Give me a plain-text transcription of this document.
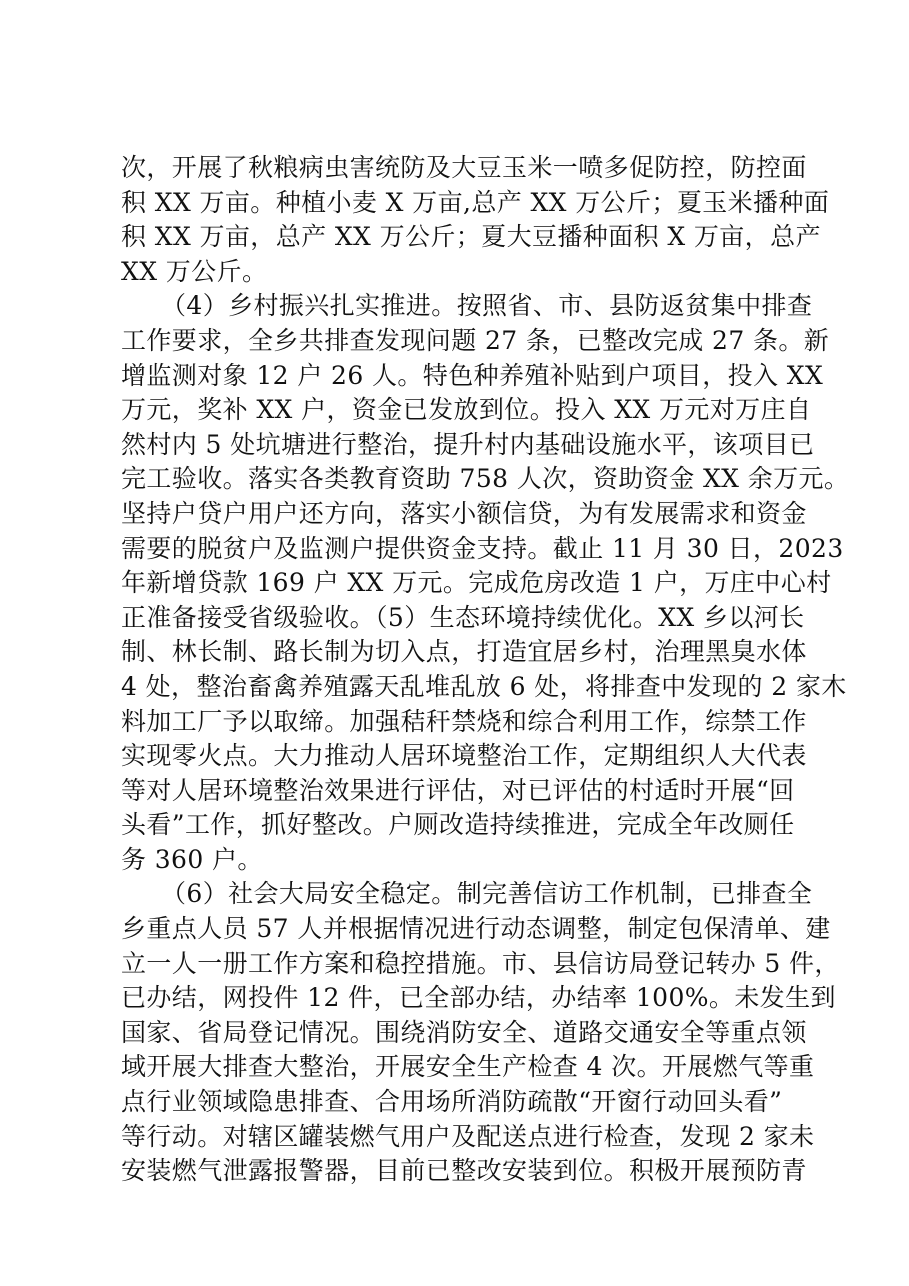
次，开展了秋粮病虫害统防及大豆玉米一喷多促防控，防控面
积 XX 万亩。种植小麦 X 万亩,总产 XX 万公斤；夏玉米播种面
积 XX 万亩，总产 XX 万公斤；夏大豆播种面积 X 万亩，总产
XX 万公斤。
（4）乡村振兴扎实推进。按照省、市、县防返贫集中排查
工作要求，全乡共排查发现问题 27 条，已整改完成 27 条。新
增监测对象 12 户 26 人。特色种养殖补贴到户项目，投入 XX
万元，奖补 XX 户，资金已发放到位。投入 XX 万元对万庄自
然村内 5 处坑塘进行整治，提升村内基础设施水平，该项目已
完工验收。落实各类教育资助 758 人次，资助资金 XX 余万元。
坚持户贷户用户还方向，落实小额信贷，为有发展需求和资金
需要的脱贫户及监测户提供资金支持。截止 11 月 30 日，2023
年新增贷款 169 户 XX 万元。完成危房改造 1 户，万庄中心村
正准备接受省级验收。（5）生态环境持续优化。XX 乡以河长
制、林长制、路长制为切入点，打造宜居乡村，治理黑臭水体
4 处，整治畜禽养殖露天乱堆乱放 6 处，将排查中发现的 2 家木
料加工厂予以取缔。加强秸秆禁烧和综合利用工作，综禁工作
实现零火点。大力推动人居环境整治工作，定期组织人大代表
等对人居环境整治效果进行评估，对已评估的村适时开展“回
头看”工作，抓好整改。户厕改造持续推进，完成全年改厕任
务 360 户。
（6）社会大局安全稳定。制完善信访工作机制，已排查全
乡重点人员 57 人并根据情况进行动态调整，制定包保清单、建
立一人一册工作方案和稳控措施。市、县信访局登记转办 5 件，
已办结，网投件 12 件，已全部办结，办结率 100%。未发生到
国家、省局登记情况。围绕消防安全、道路交通安全等重点领
域开展大排查大整治，开展安全生产检查 4 次。开展燃气等重
点行业领域隐患排查、合用场所消防疏散“开窗行动回头看”
等行动。对辖区罐装燃气用户及配送点进行检查，发现 2 家未
安装燃气泄露报警器，目前已整改安装到位。积极开展预防青
